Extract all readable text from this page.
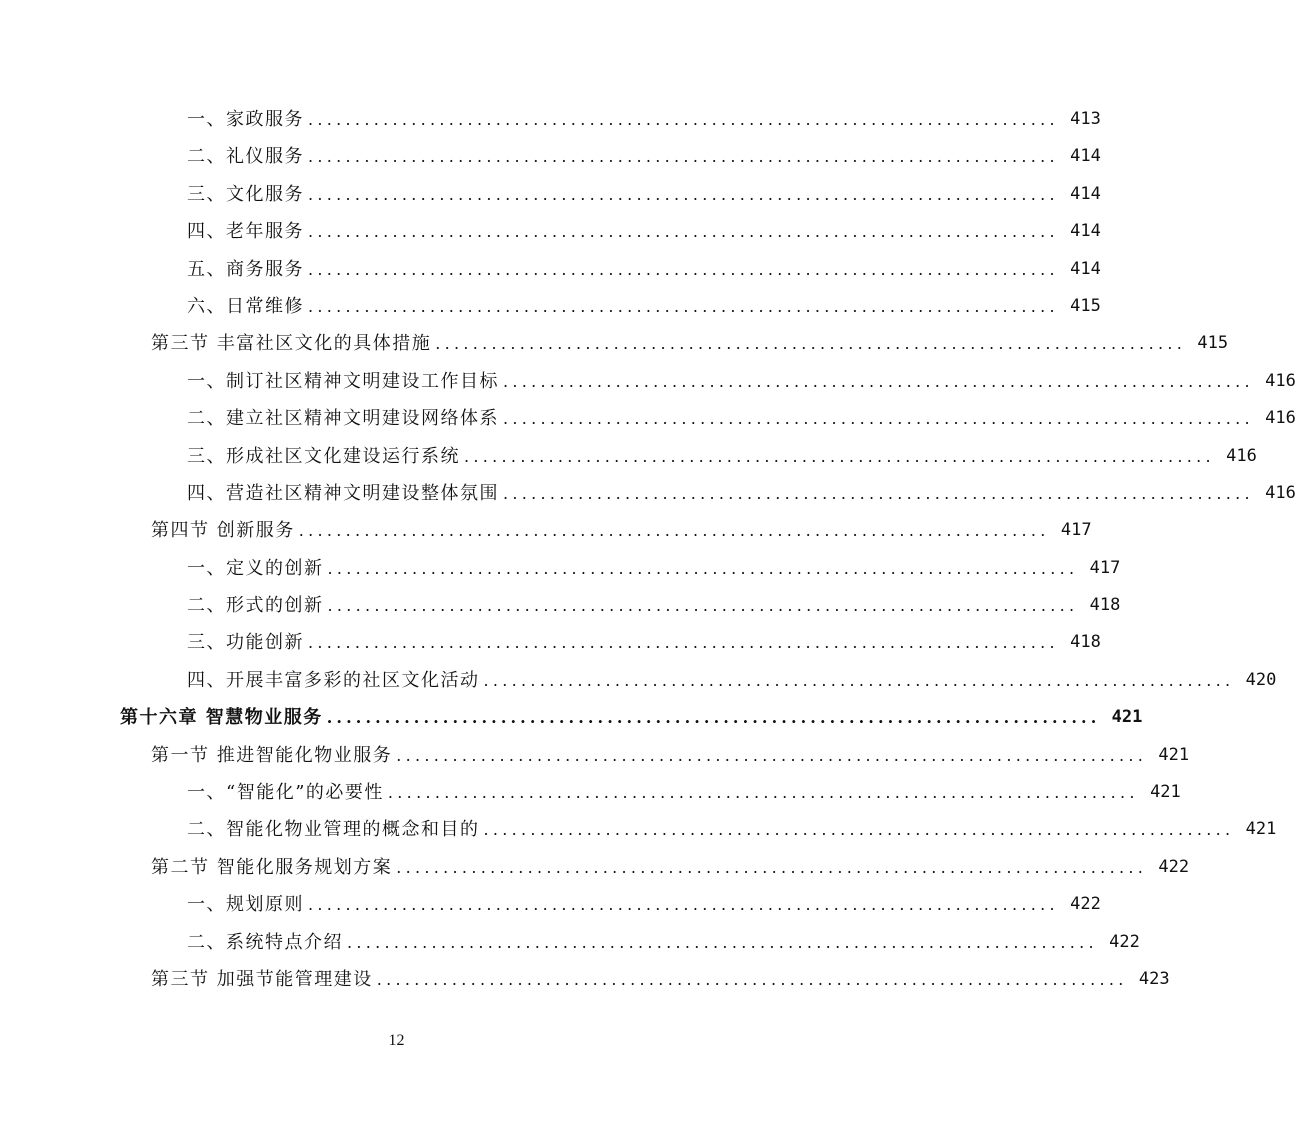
一、家政服务 ................................................................................ 413
二、礼仪服务 ................................................................................ 414
三、文化服务 ................................................................................ 414
四、老年服务 ................................................................................ 414
五、商务服务 ................................................................................ 414
六、日常维修 ................................................................................ 415
第三节 丰富社区文化的具体措施 ................................................................................ 415
一、制订社区精神文明建设工作目标 ................................................................................ 416
二、建立社区精神文明建设网络体系 ................................................................................ 416
三、形成社区文化建设运行系统 ................................................................................ 416
四、营造社区精神文明建设整体氛围 ................................................................................ 416
第四节 创新服务 ................................................................................ 417
一、定义的创新 ................................................................................ 417
二、形式的创新 ................................................................................ 418
三、功能创新 ................................................................................ 418
四、开展丰富多彩的社区文化活动 ................................................................................ 420
第十六章 智慧物业服务 ................................................................................ 421
第一节 推进智能化物业服务 ................................................................................ 421
一、“智能化”的必要性 ................................................................................ 421
二、智能化物业管理的概念和目的 ................................................................................ 421
第二节 智能化服务规划方案 ................................................................................ 422
一、规划原则 ................................................................................ 422
二、系统特点介绍 ................................................................................ 422
第三节 加强节能管理建设 ................................................................................ 423
12
